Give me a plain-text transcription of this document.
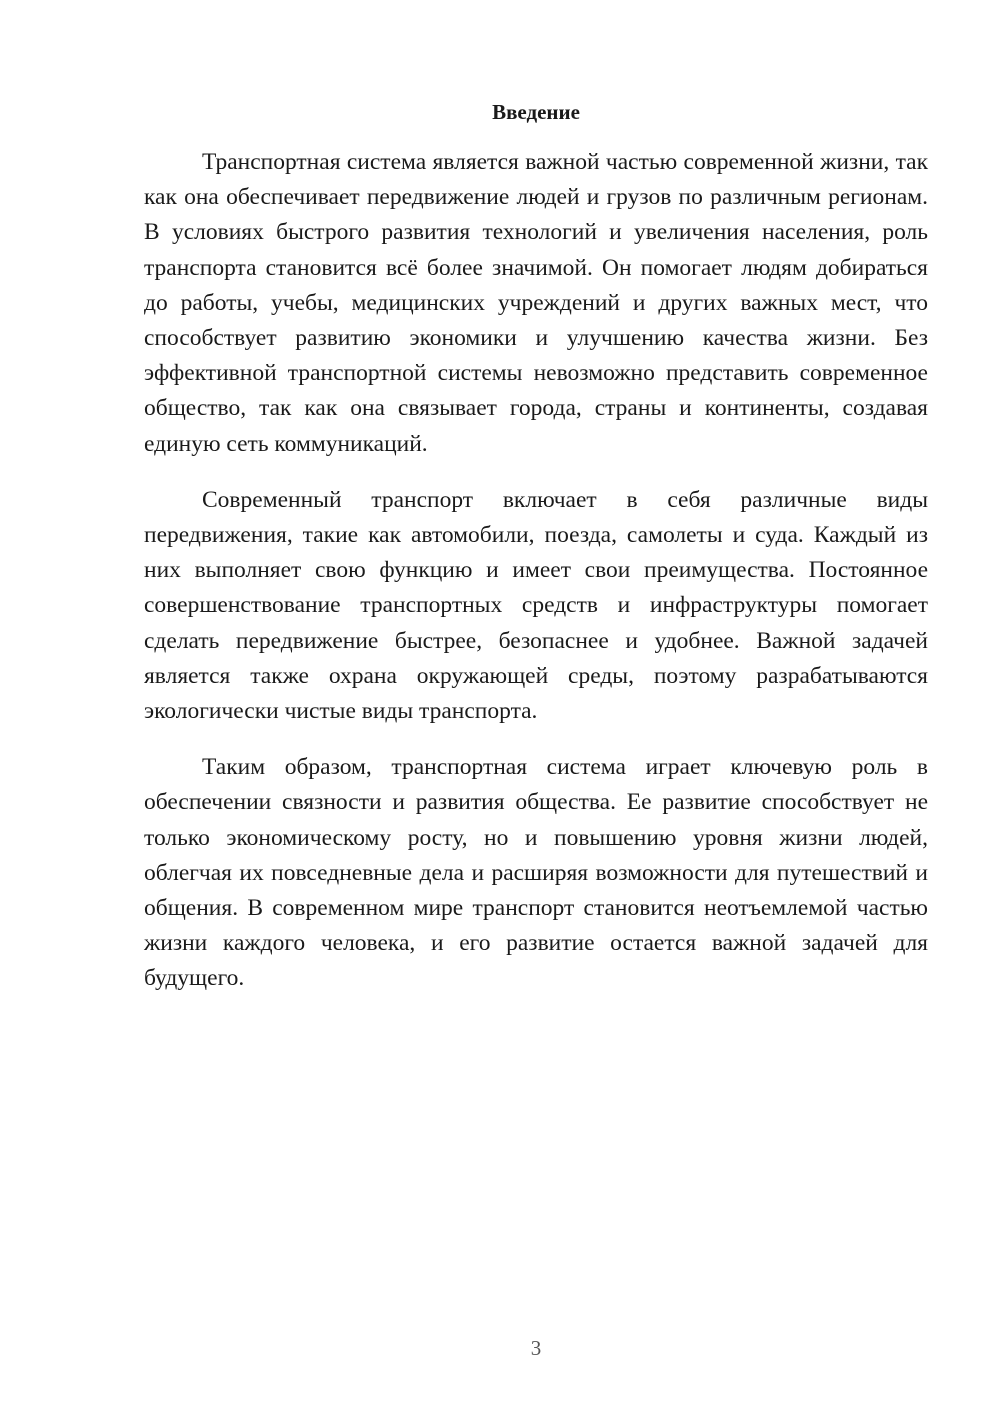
Введение

Транспортная система является важной частью современной жизни, так как она обеспечивает передвижение людей и грузов по различным регионам. В условиях быстрого развития технологий и увеличения населения, роль транспорта становится всё более значимой. Он помогает людям добираться до работы, учебы, медицинских учреждений и других важных мест, что способствует развитию экономики и улучшению качества жизни. Без эффективной транспортной системы невозможно представить современное общество, так как она связывает города, страны и континенты, создавая единую сеть коммуникаций.

Современный транспорт включает в себя различные виды передвижения, такие как автомобили, поезда, самолеты и суда. Каждый из них выполняет свою функцию и имеет свои преимущества. Постоянное совершенствование транспортных средств и инфраструктуры помогает сделать передвижение быстрее, безопаснее и удобнее. Важной задачей является также охрана окружающей среды, поэтому разрабатываются экологически чистые виды транспорта.

Таким образом, транспортная система играет ключевую роль в обеспечении связности и развития общества. Ее развитие способствует не только экономическому росту, но и повышению уровня жизни людей, облегчая их повседневные дела и расширяя возможности для путешествий и общения. В современном мире транспорт становится неотъемлемой частью жизни каждого человека, и его развитие остается важной задачей для будущего.

3
